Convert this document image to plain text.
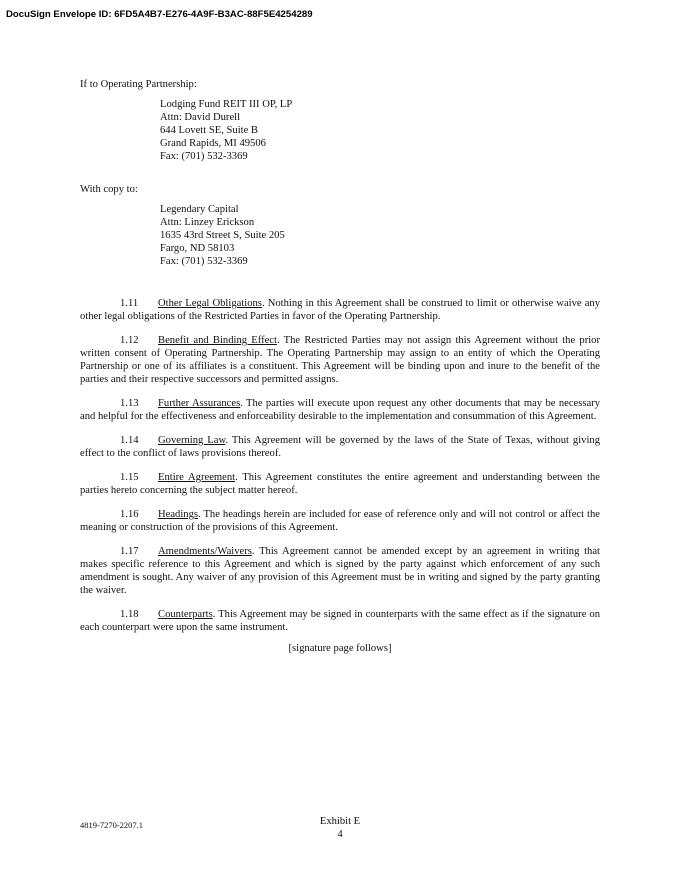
DocuSign Envelope ID: 6FD5A4B7-E276-4A9F-B3AC-88F5E4254289
If to Operating Partnership:
Lodging Fund REIT III OP, LP
Attn: David Durell
644 Lovett SE, Suite B
Grand Rapids, MI 49506
Fax: (701) 532-3369
With copy to:
Legendary Capital
Attn: Linzey Erickson
1635 43rd Street S, Suite 205
Fargo, ND 58103
Fax: (701) 532-3369

1.11 Other Legal Obligations. Nothing in this Agreement shall be construed to limit or otherwise waive any other legal obligations of the Restricted Parties in favor of the Operating Partnership.

1.12 Benefit and Binding Effect. The Restricted Parties may not assign this Agreement without the prior written consent of Operating Partnership. The Operating Partnership may assign to an entity of which the Operating Partnership or one of its affiliates is a constituent. This Agreement will be binding upon and inure to the benefit of the parties and their respective successors and permitted assigns.

1.13 Further Assurances. The parties will execute upon request any other documents that may be necessary and helpful for the effectiveness and enforceability desirable to the implementation and consummation of this Agreement.

1.14 Governing Law. This Agreement will be governed by the laws of the State of Texas, without giving effect to the conflict of laws provisions thereof.

1.15 Entire Agreement. This Agreement constitutes the entire agreement and understanding between the parties hereto concerning the subject matter hereof.

1.16 Headings. The headings herein are included for ease of reference only and will not control or affect the meaning or construction of the provisions of this Agreement.

1.17 Amendments/Waivers. This Agreement cannot be amended except by an agreement in writing that makes specific reference to this Agreement and which is signed by the party against which enforcement of any such amendment is sought. Any waiver of any provision of this Agreement must be in writing and signed by the party granting the waiver.

1.18 Counterparts. This Agreement may be signed in counterparts with the same effect as if the signature on each counterpart were upon the same instrument.

[signature page follows]
4819-7270-2207.1	Exhibit E
4
